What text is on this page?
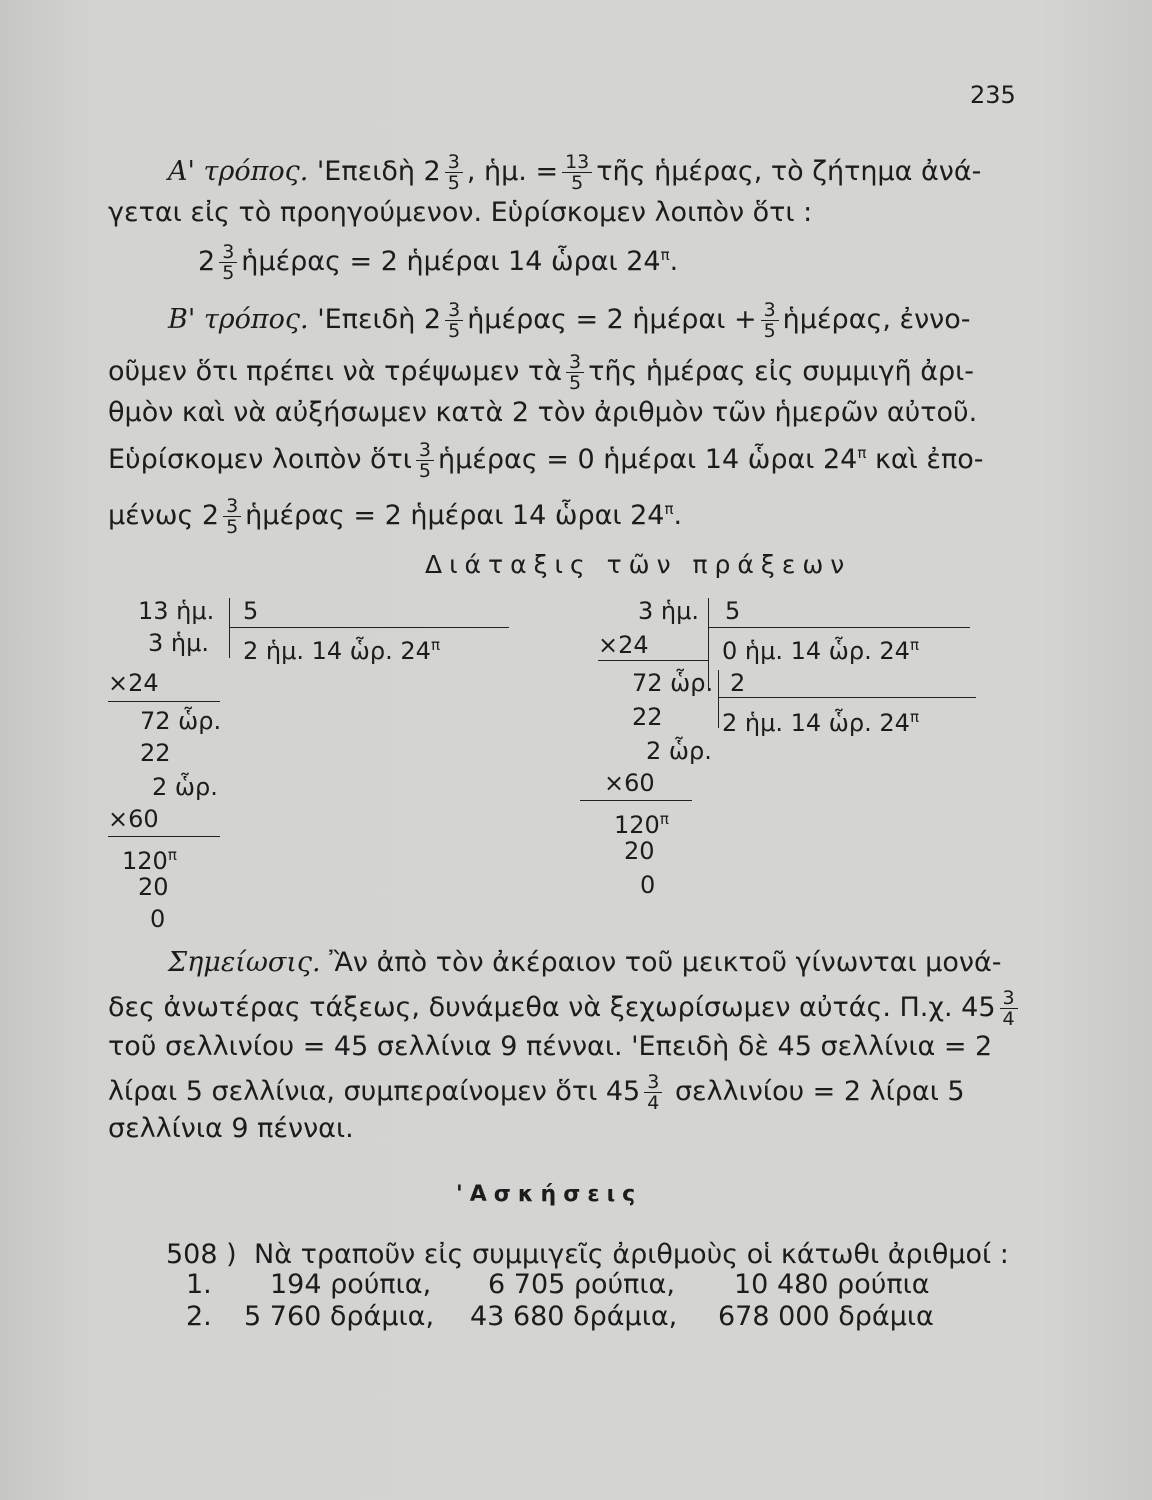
235
Α' τρόπος. 'Επειδὴ $2 \frac{3}{5}$ , ἡμ. = $\frac{13}{5}$ τῆς ἡμέρας, τὸ ζήτημα ἀνά-
γεται εἰς τὸ προηγούμενον. Εὑρίσκομεν λοιπὸν ὅτι :
$2 \frac{3}{5}$ ἡμέρας = 2 ἡμέραι 14 ὧραι $24^\pi$.
Β' τρόπος. 'Επειδὴ $2 \frac{3}{5}$ ἡμέρας = 2 ἡμέραι + $\frac{3}{5}$ ἡμέρας, ἐννο-
οῦμεν ὅτι πρέπει νὰ τρέψωμεν τὰ $\frac{3}{5}$ τῆς ἡμέρας εἰς συμμιγῆ ἀρι-
θμὸν καὶ νὰ αὐξήσωμεν κατὰ 2 τὸν ἀριθμὸν τῶν ἡμερῶν αὐτοῦ.
Εὑρίσκομεν λοιπὸν ὅτι $\frac{3}{5}$ ἡμέρας = 0 ἡμέραι 14 ὧραι $24^\pi$ καὶ ἐπο-
μένως $2 \frac{3}{5}$ ἡμέρας = 2 ἡμέραι 14 ὧραι $24^\pi$.
Διάταξις τῶν πράξεων
13 ἡμ.
3 ἡμ.
5
2 ἡμ. 14 ὧρ. $24^\pi$
×24
72 ὧρ.
22
2 ὧρ.
×60
$120^\pi$
20
0
3 ἡμ. 5
0 ἡμ. 14 ὧρ. $24^\pi$
×24
72 ὧρ. 2
2 ἡμ. 14 ὧρ. $24^\pi$
22
2 ὧρ.
×60
$120^\pi$
20
0
Σημείωσις. Ἂν ἀπὸ τὸν ἀκέραιον τοῦ μεικτοῦ γίνωνται μονά-
δες ἀνωτέρας τάξεως, δυνάμεθα νὰ ξεχωρίσωμεν αὐτάς. Π.χ. $45 \frac{3}{4}$
τοῦ σελλινίου = 45 σελλίνια 9 πένναι. 'Επειδὴ δὲ 45 σελλίνια = 2
λίραι 5 σελλίνια, συμπεραίνομεν ὅτι $45 \frac{3}{4}$ σελλινίου = 2 λίραι 5
σελλίνια 9 πένναι.
'Ασκήσεις
508 ) Νὰ τραποῦν εἰς συμμιγεῖς ἀριθμοὺς οἱ κάτωθι ἀριθμοί :
1. 194 ρούπια, 6 705 ρούπια, 10 480 ρούπια
2. 5 760 δράμια, 43 680 δράμια, 678 000 δράμια
